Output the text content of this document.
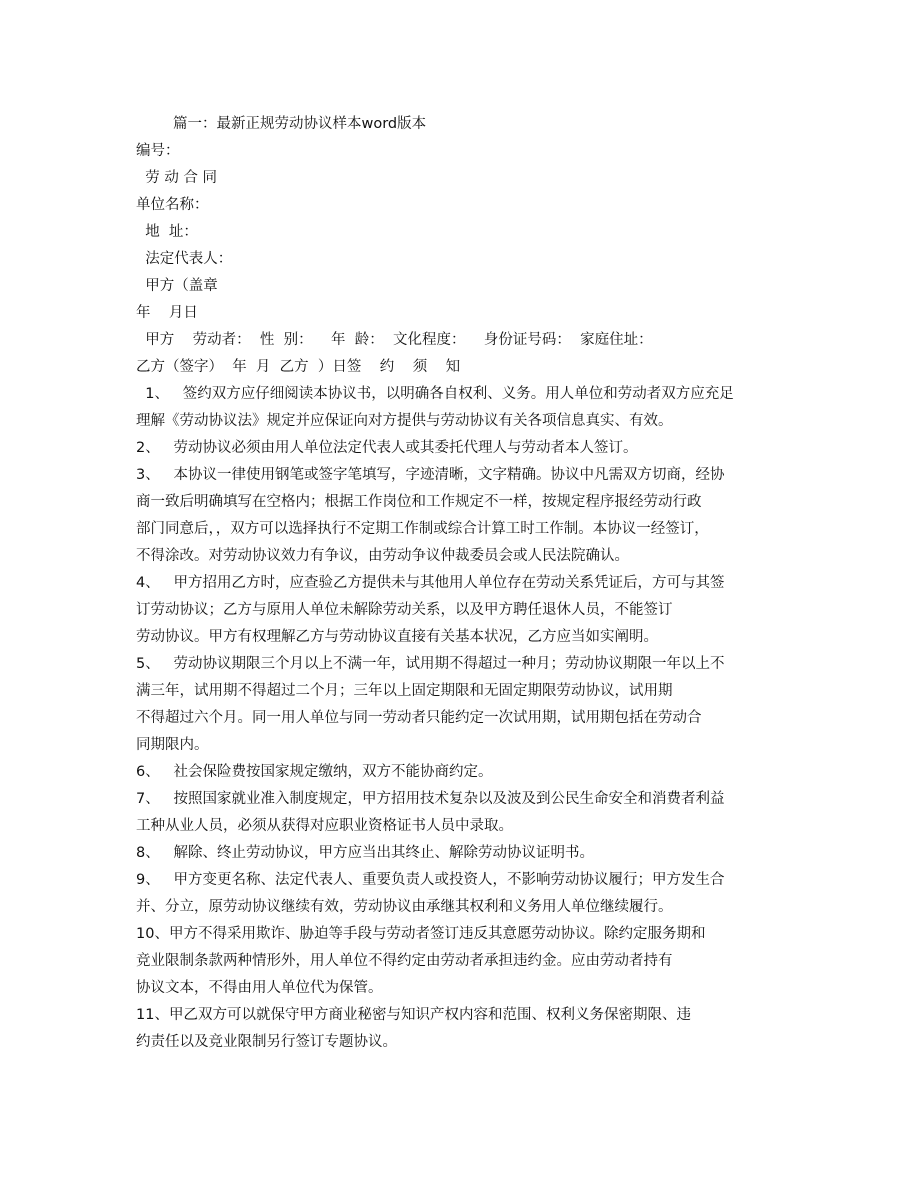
篇一：最新正规劳动协议样本word版本

编号：

劳 动 合 同

单位名称：

地  址：

法定代表人：

甲方（盖章

年    月日

甲方    劳动者：  性  别：    年  龄：  文化程度：    身份证号码：  家庭住址：

乙方（签字）  年  月  乙方  ）日签    约    须    知

1、   签约双方应仔细阅读本协议书，以明确各自权利、义务。用人单位和劳动者双方应充足

理解《劳动协议法》规定并应保证向对方提供与劳动协议有关各项信息真实、有效。

2、   劳动协议必须由用人单位法定代表人或其委托代理人与劳动者本人签订。

3、   本协议一律使用钢笔或签字笔填写，字迹清晰，文字精确。协议中凡需双方切商，经协

商一致后明确填写在空格内；根据工作岗位和工作规定不一样，按规定程序报经劳动行政

部门同意后，，双方可以选择执行不定期工作制或综合计算工时工作制。本协议一经签订，

不得涂改。对劳动协议效力有争议，由劳动争议仲裁委员会或人民法院确认。

4、   甲方招用乙方时，应查验乙方提供未与其他用人单位存在劳动关系凭证后，方可与其签

订劳动协议；乙方与原用人单位未解除劳动关系，以及甲方聘任退休人员，不能签订

劳动协议。甲方有权理解乙方与劳动协议直接有关基本状况，乙方应当如实阐明。

5、   劳动协议期限三个月以上不满一年，试用期不得超过一种月；劳动协议期限一年以上不

满三年，试用期不得超过二个月；三年以上固定期限和无固定期限劳动协议，试用期

不得超过六个月。同一用人单位与同一劳动者只能约定一次试用期，试用期包括在劳动合

同期限内。

6、   社会保险费按国家规定缴纳，双方不能协商约定。

7、   按照国家就业准入制度规定，甲方招用技术复杂以及波及到公民生命安全和消费者利益

工种从业人员，必须从获得对应职业资格证书人员中录取。

8、   解除、终止劳动协议，甲方应当出其终止、解除劳动协议证明书。

9、   甲方变更名称、法定代表人、重要负责人或投资人，不影响劳动协议履行；甲方发生合

并、分立，原劳动协议继续有效，劳动协议由承继其权利和义务用人单位继续履行。

10、甲方不得采用欺诈、胁迫等手段与劳动者签订违反其意愿劳动协议。除约定服务期和

竞业限制条款两种情形外，用人单位不得约定由劳动者承担违约金。应由劳动者持有

协议文本，不得由用人单位代为保管。

11、甲乙双方可以就保守甲方商业秘密与知识产权内容和范围、权利义务保密期限、违

约责任以及竞业限制另行签订专题协议。
